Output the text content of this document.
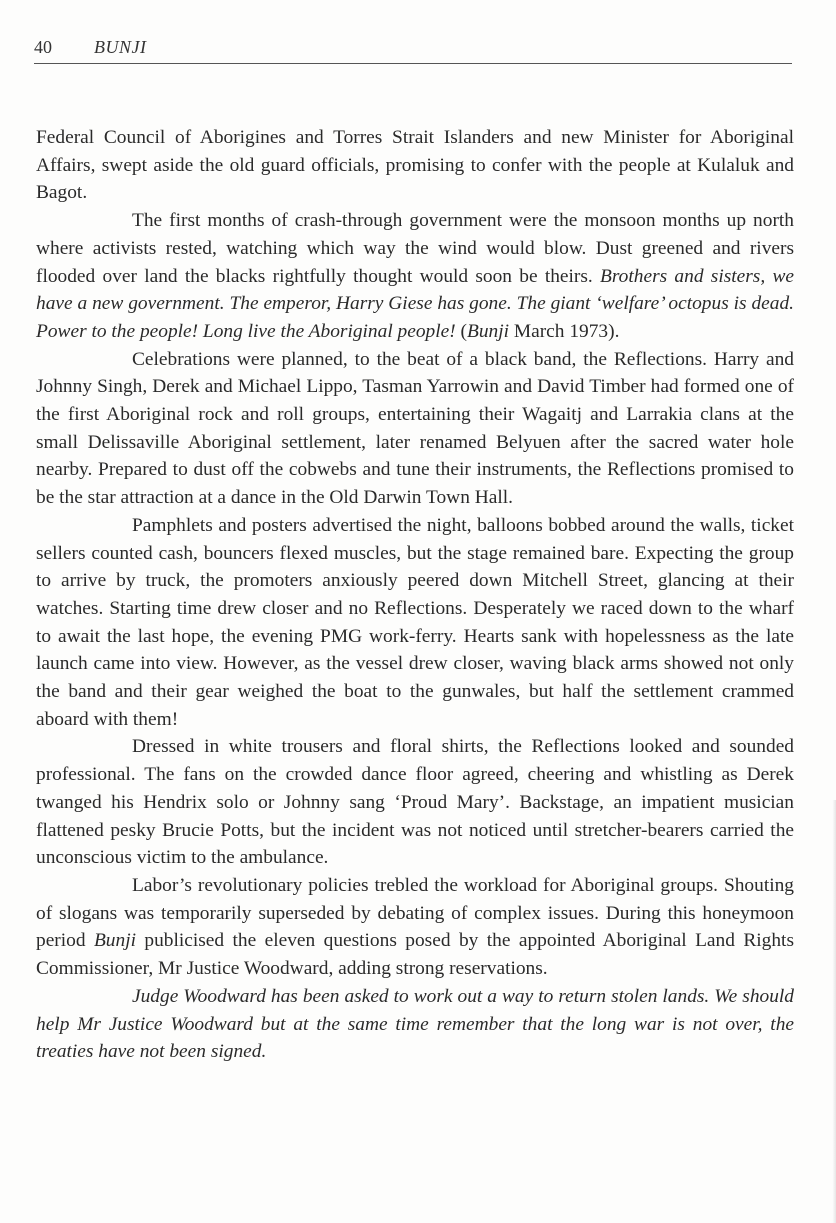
40 BUNJI

Federal Council of Aborigines and Torres Strait Islanders and new Minister for Aboriginal Affairs, swept aside the old guard officials, promising to confer with the people at Kulaluk and Bagot.

The first months of crash-through government were the monsoon months up north where activists rested, watching which way the wind would blow. Dust greened and rivers flooded over land the blacks rightfully thought would soon be theirs. Brothers and sisters, we have a new government. The emperor, Harry Giese has gone. The giant ‘welfare’ octopus is dead. Power to the people! Long live the Aboriginal people! (Bunji March 1973).

Celebrations were planned, to the beat of a black band, the Reflections. Harry and Johnny Singh, Derek and Michael Lippo, Tasman Yarrowin and David Timber had formed one of the first Aboriginal rock and roll groups, entertaining their Wagaitj and Larrakia clans at the small Delissaville Aboriginal settlement, later renamed Belyuen after the sacred water hole nearby. Prepared to dust off the cobwebs and tune their instruments, the Reflections promised to be the star attraction at a dance in the Old Darwin Town Hall.

Pamphlets and posters advertised the night, balloons bobbed around the walls, ticket sellers counted cash, bouncers flexed muscles, but the stage remained bare. Expecting the group to arrive by truck, the promoters anxiously peered down Mitchell Street, glancing at their watches. Starting time drew closer and no Reflections. Desperately we raced down to the wharf to await the last hope, the evening PMG work-ferry. Hearts sank with hopelessness as the late launch came into view. However, as the vessel drew closer, waving black arms showed not only the band and their gear weighed the boat to the gunwales, but half the settlement crammed aboard with them!

Dressed in white trousers and floral shirts, the Reflections looked and sounded professional. The fans on the crowded dance floor agreed, cheering and whistling as Derek twanged his Hendrix solo or Johnny sang ‘Proud Mary’. Backstage, an impatient musician flattened pesky Brucie Potts, but the incident was not noticed until stretcher-bearers carried the unconscious victim to the ambulance.

Labor’s revolutionary policies trebled the workload for Aboriginal groups. Shouting of slogans was temporarily superseded by debating of complex issues. During this honeymoon period Bunji publicised the eleven questions posed by the appointed Aboriginal Land Rights Commissioner, Mr Justice Woodward, adding strong reservations.

Judge Woodward has been asked to work out a way to return stolen lands. We should help Mr Justice Woodward but at the same time remember that the long war is not over, the treaties have not been signed.
